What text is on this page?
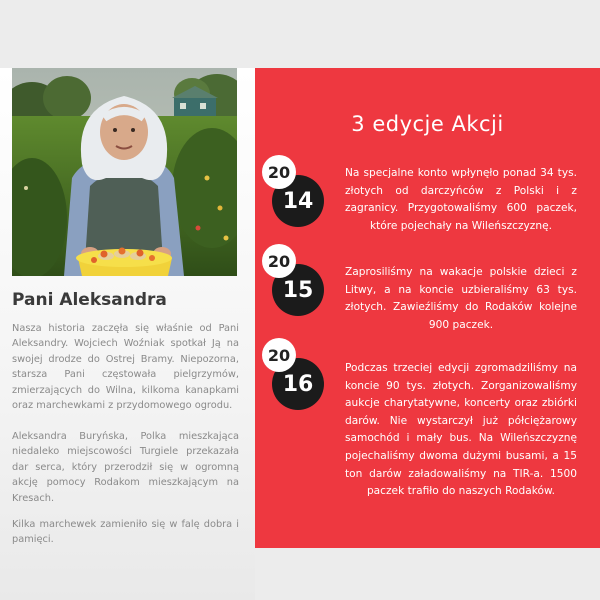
Pani Aleksandra

Nasza historia zaczęła się właśnie od Pani Aleksandry. Wojciech Woźniak spotkał Ją na swojej drodze do Ostrej Bramy. Niepozorna, starsza Pani częstowała pielgrzymów, zmierzających do Wilna, kilkoma kanapkami oraz marchewkami z przydomowego ogrodu.

Aleksandra Buryńska, Polka mieszkająca niedaleko miejscowości Turgiele przekazała dar serca, który przerodził się w ogromną akcję pomocy Rodakom mieszkającym na Kresach.

Kilka marchewek zamieniło się w falę dobra i pamięci.

3 edycje Akcji
20
14

Na specjalne konto wpłynęło ponad 34 tys. złotych od darczyńców z Polski i z zagranicy. Przygotowaliśmy 600 paczek, które pojechały na Wileńszczyznę.

20
15

Zaprosiliśmy na wakacje polskie dzieci z Litwy, a na koncie uzbieraliśmy 63 tys. złotych. Zawieźliśmy do Rodaków kolejne 900 paczek.

20
16

Podczas trzeciej edycji zgromadziliśmy na koncie 90 tys. złotych. Zorganizowaliśmy aukcje charytatywne, koncerty oraz zbiórki darów. Nie wystarczył już półciężarowy samochód i mały bus. Na Wileńszczyznę pojechaliśmy dwoma dużymi busami, a 15 ton darów załadowaliśmy na TIR-a. 1500 paczek trafiło do naszych Rodaków.
